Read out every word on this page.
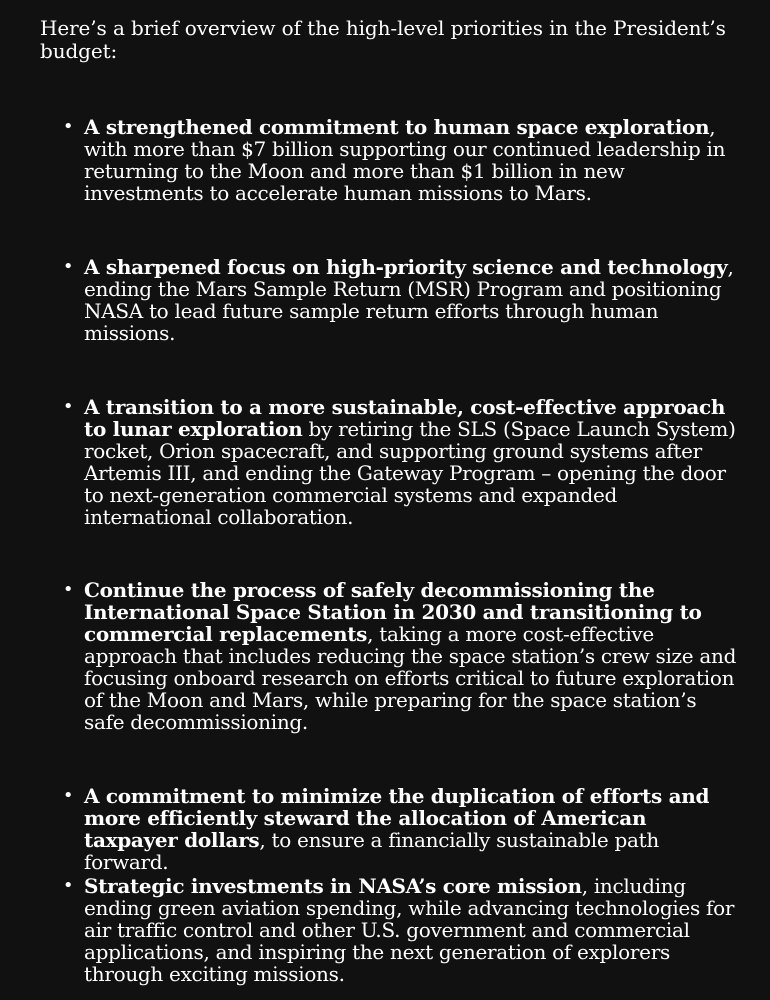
Here’s a brief overview of the high-level priorities in the President’s budget:

• A strengthened commitment to human space exploration, with more than $7 billion supporting our continued leadership in returning to the Moon and more than $1 billion in new investments to accelerate human missions to Mars.
• A sharpened focus on high-priority science and technology, ending the Mars Sample Return (MSR) Program and positioning NASA to lead future sample return efforts through human missions.
• A transition to a more sustainable, cost-effective approach to lunar exploration by retiring the SLS (Space Launch System) rocket, Orion spacecraft, and supporting ground systems after Artemis III, and ending the Gateway Program – opening the door to next-generation commercial systems and expanded international collaboration.
• Continue the process of safely decommissioning the International Space Station in 2030 and transitioning to commercial replacements, taking a more cost-effective approach that includes reducing the space station’s crew size and focusing onboard research on efforts critical to future exploration of the Moon and Mars, while preparing for the space station’s safe decommissioning.
• A commitment to minimize the duplication of efforts and more efficiently steward the allocation of American taxpayer dollars, to ensure a financially sustainable path forward.
• Strategic investments in NASA’s core mission, including ending green aviation spending, while advancing technologies for air traffic control and other U.S. government and commercial applications, and inspiring the next generation of explorers through exciting missions.
